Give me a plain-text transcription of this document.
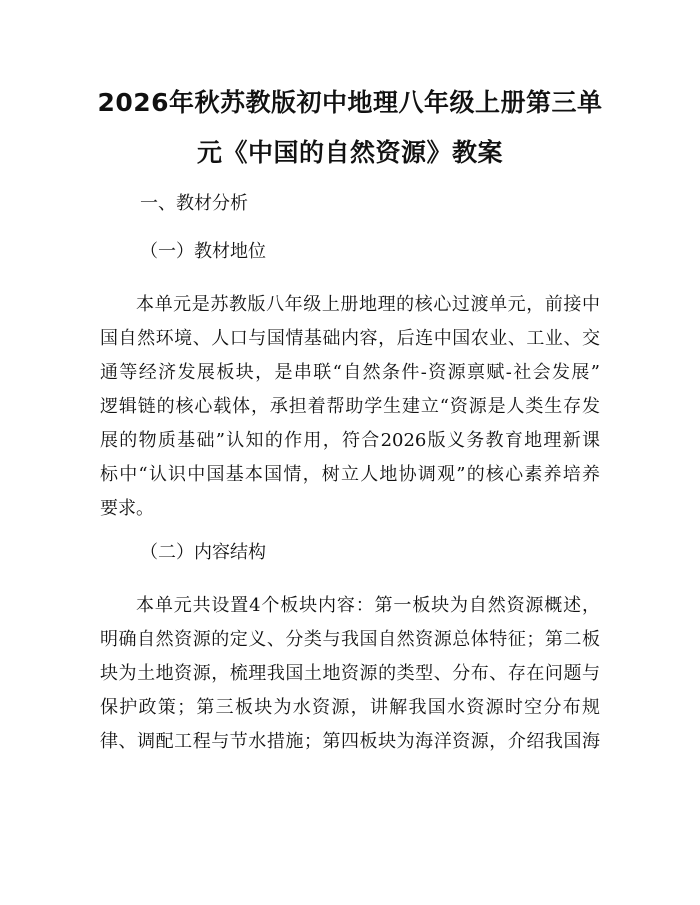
2026年秋苏教版初中地理八年级上册第三单
元《中国的自然资源》教案
一、教材分析
（一）教材地位
本单元是苏教版八年级上册地理的核心过渡单元，前接中
国自然环境、人口与国情基础内容，后连中国农业、工业、交
通等经济发展板块，是串联“自然条件-资源禀赋-社会发展”
逻辑链的核心载体，承担着帮助学生建立“资源是人类生存发
展的物质基础”认知的作用，符合2026版义务教育地理新课
标中“认识中国基本国情，树立人地协调观”的核心素养培养
要求。
（二）内容结构
本单元共设置4个板块内容：第一板块为自然资源概述，
明确自然资源的定义、分类与我国自然资源总体特征；第二板
块为土地资源，梳理我国土地资源的类型、分布、存在问题与
保护政策；第三板块为水资源，讲解我国水资源时空分布规
律、调配工程与节水措施；第四板块为海洋资源，介绍我国海
